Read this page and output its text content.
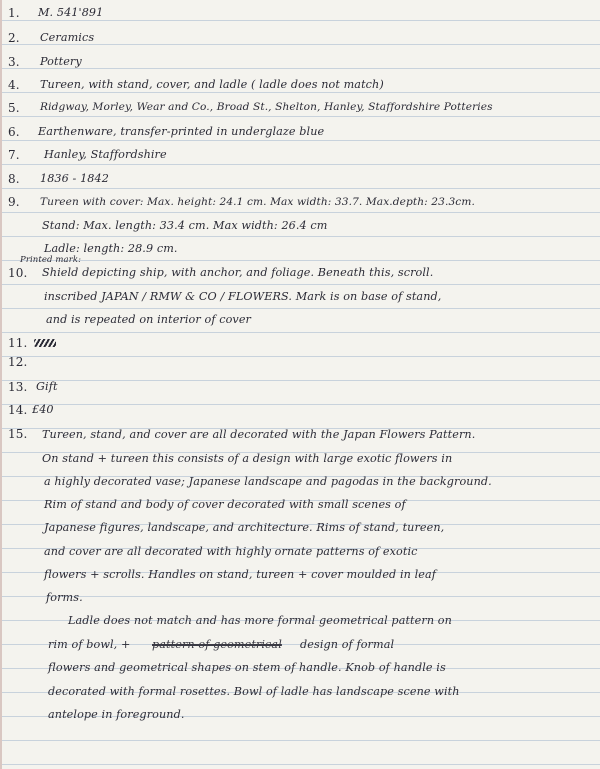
1. M. 541'891
2. Ceramics
3. Pottery
4. Tureen, with stand, cover, and ladle ( ladle does not match)
5. Ridgway, Morley, Wear and Co., Broad St., Shelton, Hanley, Staffordshire Potteries
6. Earthenware, transfer-printed in underglaze blue
7. Hanley, Staffordshire
8. 1836 - 1842
9. Tureen with cover: Max. height: 24.1 cm. Max width: 33.7. Max.depth: 23.3cm.
Stand: Max. length: 33.4 cm. Max width: 26.4 cm
Ladle: length: 28.9 cm.
Printed mark:
10. Shield depicting ship, with anchor, and foliage. Beneath this, scroll.
inscribed JAPAN / RMW & CO / FLOWERS. Mark is on base of stand,
and is repeated on interior of cover
11.
12.
13. Gift
14. £40
15. Tureen, stand, and cover are all decorated with the Japan Flowers Pattern.
On stand + tureen this consists of a design with large exotic flowers in
a highly decorated vase; Japanese landscape and pagodas in the background.
Rim of stand and body of cover decorated with small scenes of
Japanese figures, landscape, and architecture. Rims of stand, tureen,
and cover are all decorated with highly ornate patterns of exotic
flowers + scrolls. Handles on stand, tureen + cover moulded in leaf
forms.
Ladle does not match and has more formal geometrical pattern on
rim of bowl, + pattern of geometrical design of formal
flowers and geometrical shapes on stem of handle. Knob of handle is
decorated with formal rosettes. Bowl of ladle has landscape scene with
antelope in foreground.
